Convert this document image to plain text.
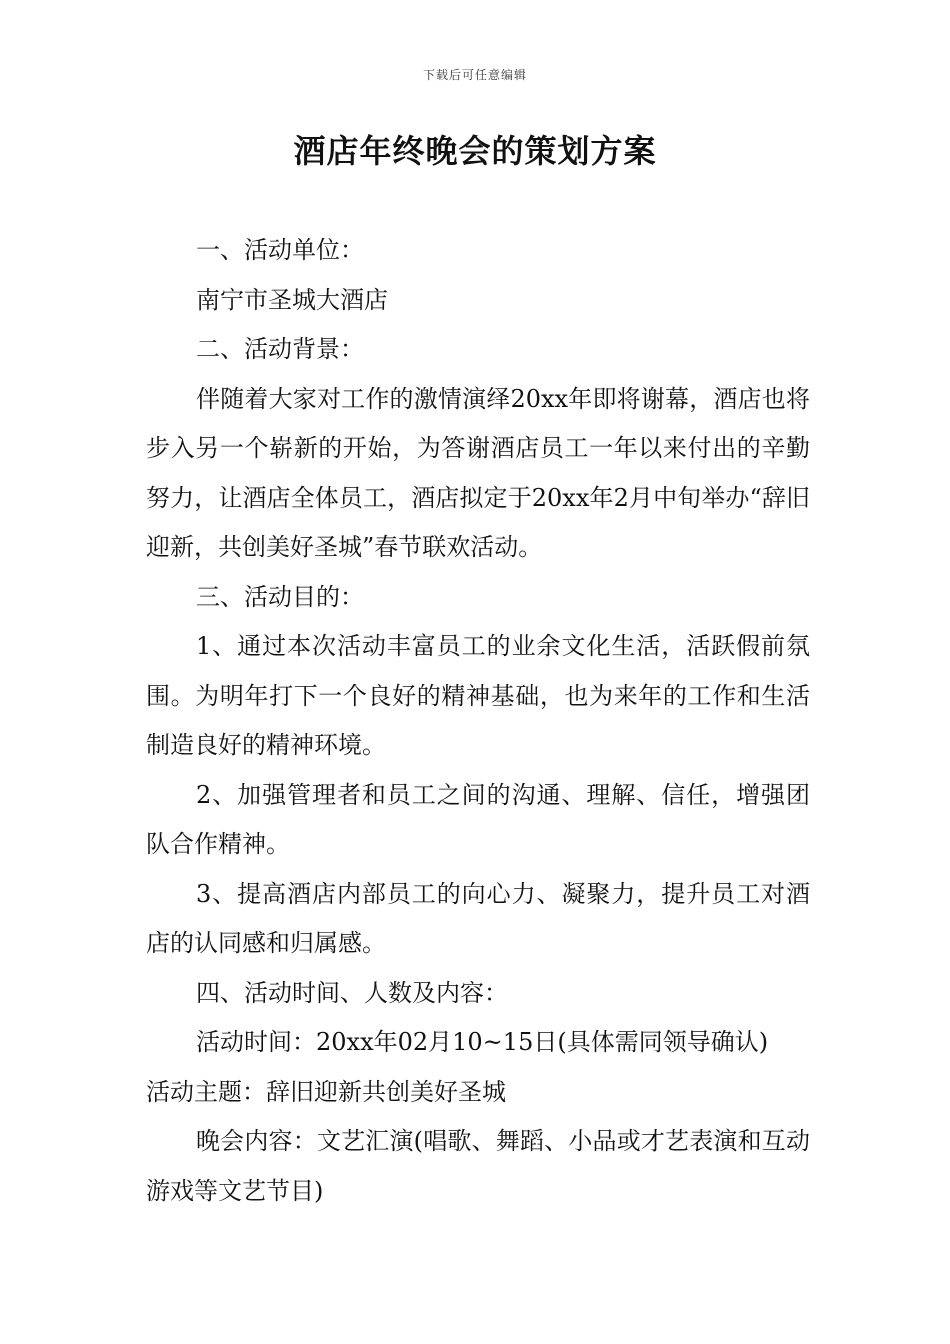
下载后可任意编辑
酒店年终晚会的策划方案

一、活动单位：

南宁市圣城大酒店

二、活动背景：

伴随着大家对工作的激情演绎20xx年即将谢幕，酒店也将步入另一个崭新的开始，为答谢酒店员工一年以来付出的辛勤努力，让酒店全体员工，酒店拟定于20xx年2月中旬举办“辞旧迎新，共创美好圣城”春节联欢活动。

三、活动目的：

1、通过本次活动丰富员工的业余文化生活，活跃假前氛围。为明年打下一个良好的精神基础，也为来年的工作和生活制造良好的精神环境。

2、加强管理者和员工之间的沟通、理解、信任，增强团队合作精神。

3、提高酒店内部员工的向心力、凝聚力，提升员工对酒店的认同感和归属感。

四、活动时间、人数及内容：

活动时间：20xx年02月10~15日(具体需同领导确认)

活动主题：辞旧迎新共创美好圣城

晚会内容：文艺汇演(唱歌、舞蹈、小品或才艺表演和互动游戏等文艺节目)
